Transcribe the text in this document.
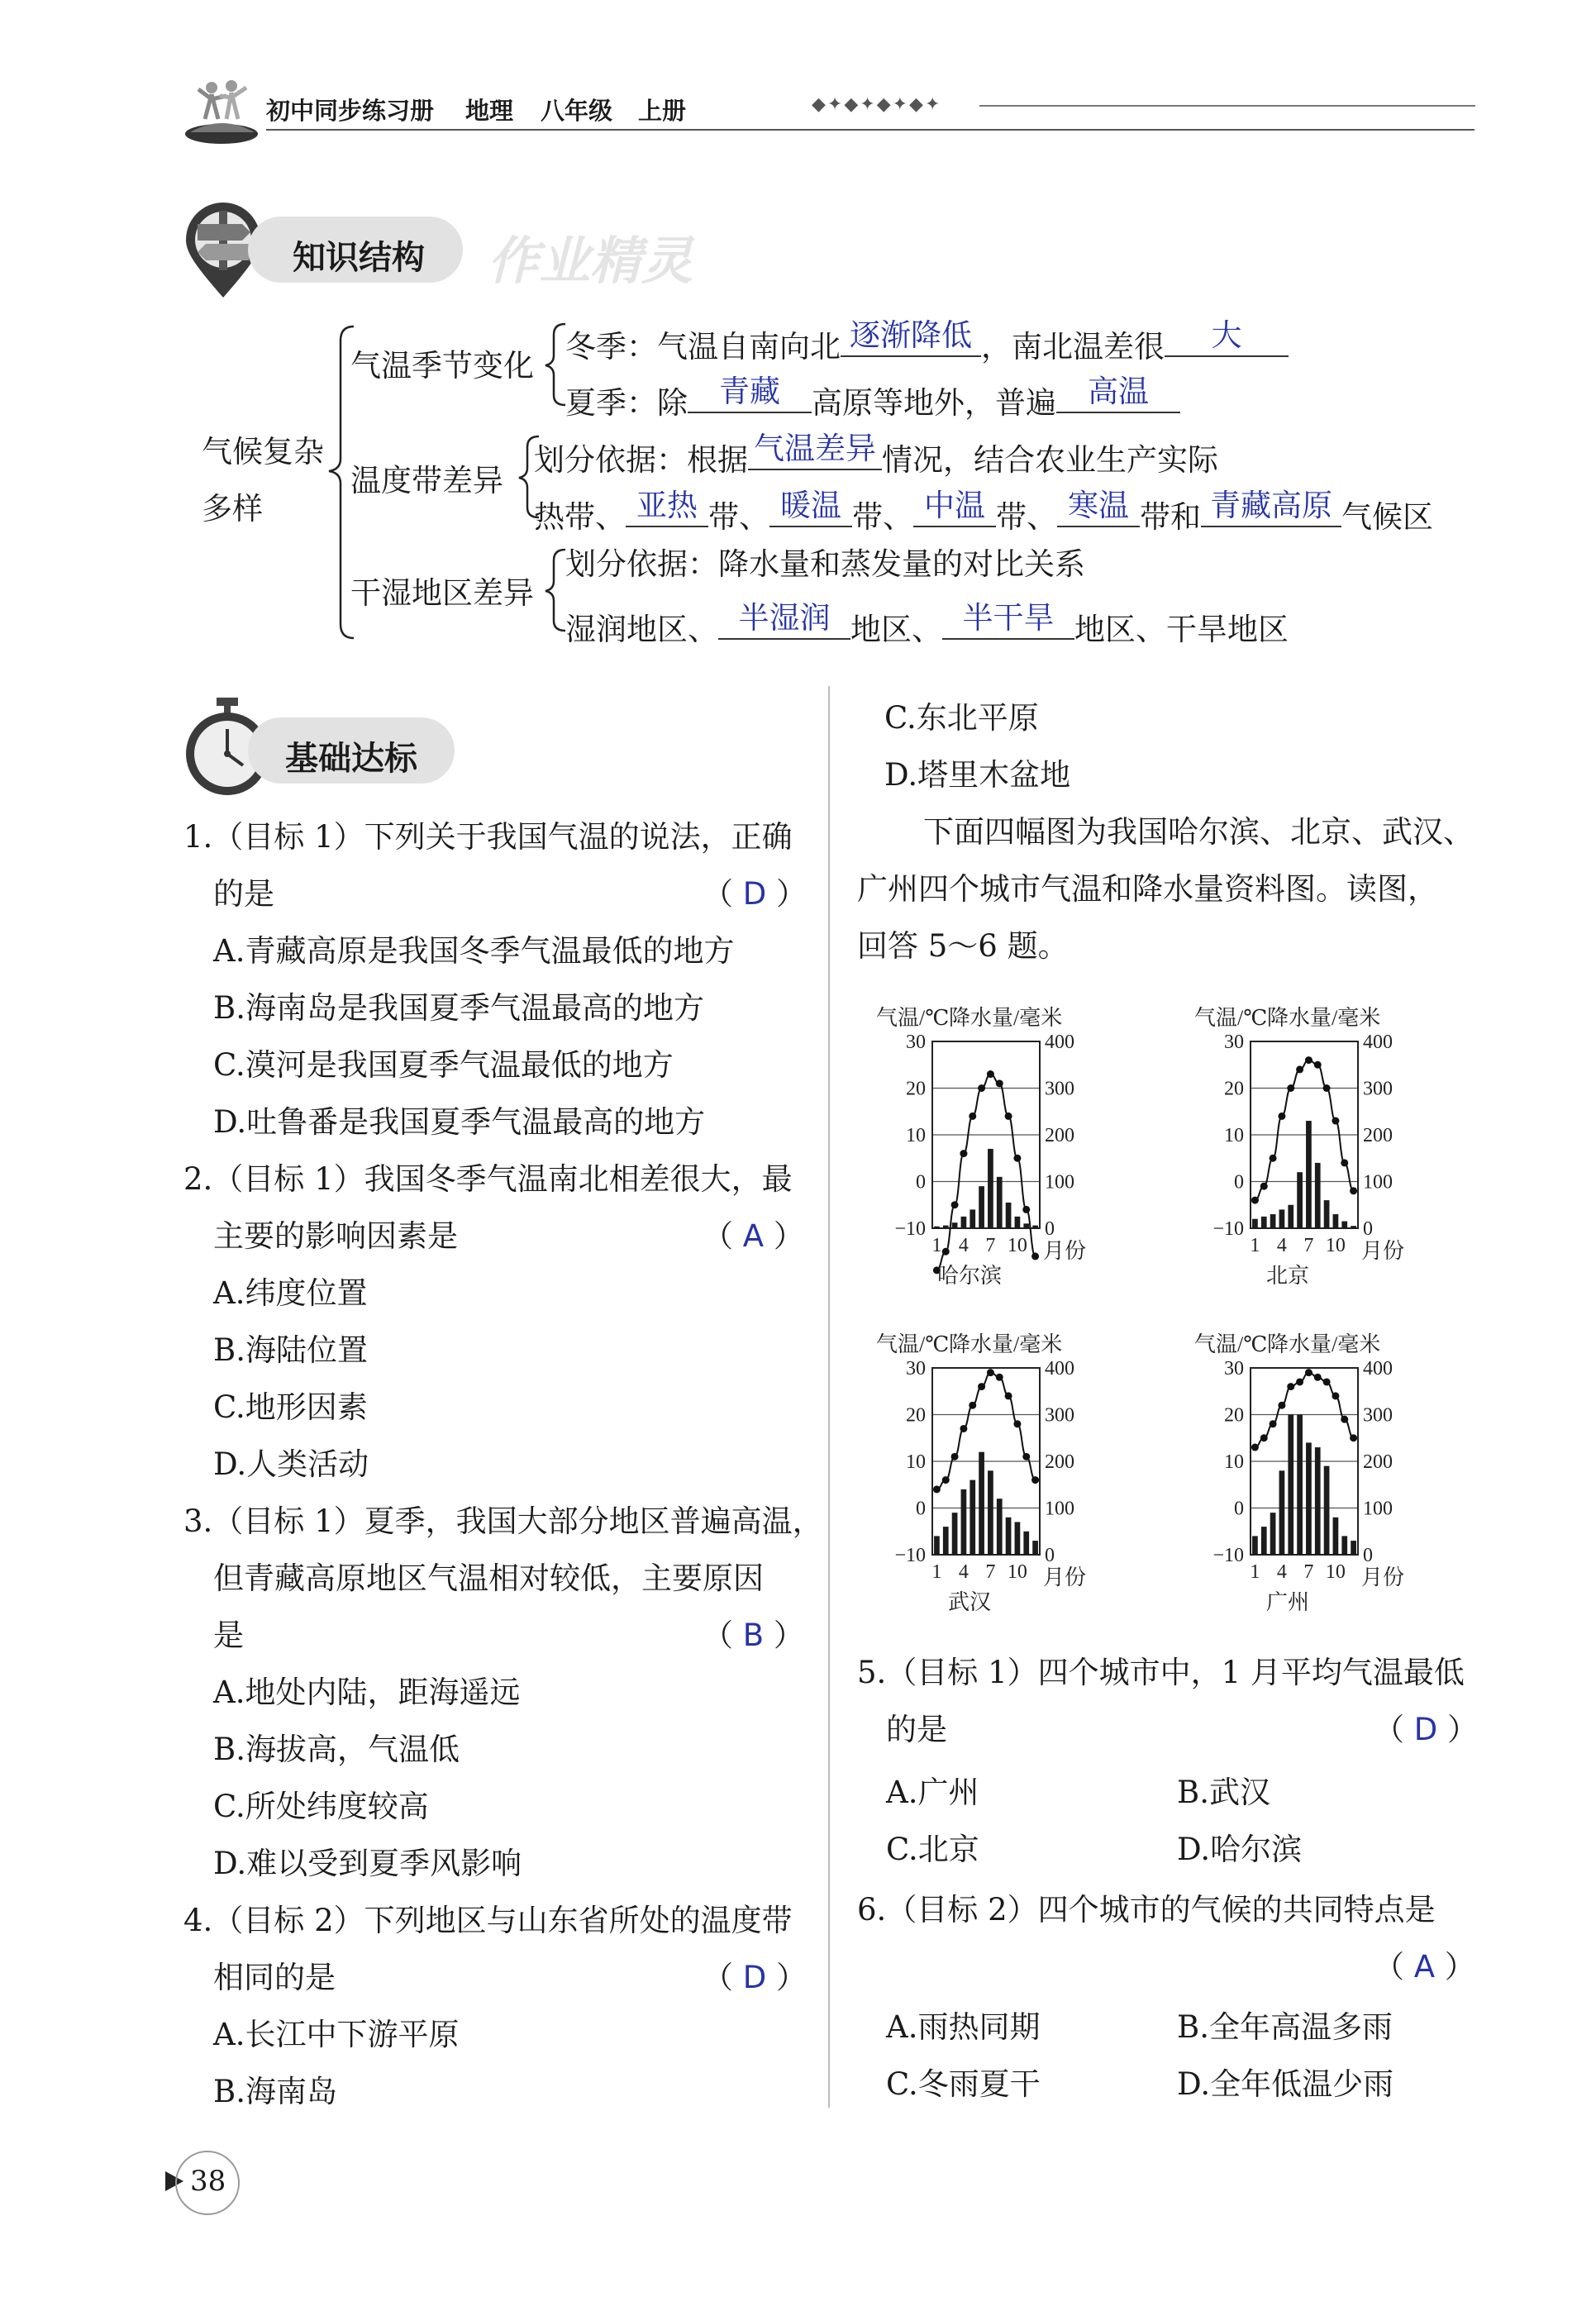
初中同步练习册 地理 八年级 上册	◆✦◆✦◆✦◆✦
知识结构 作业精灵
气候复杂
多样
气温季节变化
冬季：气温自南向北 逐渐降低 ，南北温差很	大
夏季：除	青藏	高原等地外，普遍	高温
温度带差异
划分依据：根据 气温差异 情况，结合农业生产实际
热带、 亚热 带、 暖温 带、 中温 带、 寒温 带和 青藏高原 气候区
干湿地区差异
划分依据：降水量和蒸发量的对比关系
湿润地区、 半湿润 地区、 半干旱 地区、干旱地区
基础达标
1.（目标 1）下列关于我国气温的说法，正确
的是	（ D ）
A.青藏高原是我国冬季气温最低的地方
B.海南岛是我国夏季气温最高的地方
C.漠河是我国夏季气温最低的地方
D.吐鲁番是我国夏季气温最高的地方
2.（目标 1）我国冬季气温南北相差很大，最
主要的影响因素是	（ A ）
A.纬度位置
B.海陆位置
C.地形因素
D.人类活动
3.（目标 1）夏季，我国大部分地区普遍高温，
但青藏高原地区气温相对较低，主要原因
是	（ B ）
A.地处内陆，距海遥远
B.海拔高，气温低
C.所处纬度较高
D.难以受到夏季风影响
4.（目标 2）下列地区与山东省所处的温度带
相同的是	（ D ）
A.长江中下游平原
B.海南岛
C.东北平原
D.塔里木盆地
下面四幅图为我国哈尔滨、北京、武汉、
广州四个城市气温和降水量资料图。读图，
回答 5～6 题。
气温/℃ 降水量/毫米
30
20
10
0
−10
400
300
200
100
0
1 4 7 10 月份
哈尔滨
气温/℃ 降水量/毫米
30
20
10
0
−10
400
300
200
100
0
1 4 7 10 月份
北京
气温/℃ 降水量/毫米
30
20
10
0
−10
400
300
200
100
0
1 4 7 10 月份
武汉
气温/℃ 降水量/毫米
30
20
10
0
−10
400
300
200
100
0
1 4 7 10 月份
广州
5.（目标 1）四个城市中，1 月平均气温最低
的是	（ D ）
A.广州	B.武汉
C.北京	D.哈尔滨
6.（目标 2）四个城市的气候的共同特点是
（ A ）
A.雨热同期	B.全年高温多雨
C.冬雨夏干	D.全年低温少雨
38
